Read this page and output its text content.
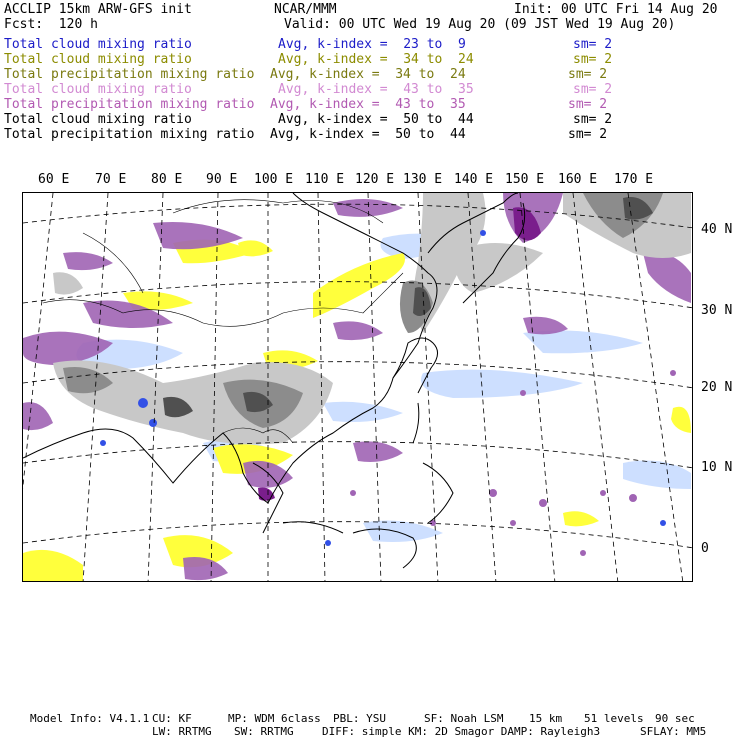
ACCLIP 15km ARW-GFS init	NCAR/MMM	Init: 00 UTC Fri 14 Aug 20
Fcst:  120 h	Valid: 00 UTC Wed 19 Aug 20 (09 JST Wed 19 Aug 20)
Total cloud mixing ratio	Avg, k-index =  23 to  9	sm= 2
Total cloud mixing ratio	Avg, k-index =  34 to  24	sm= 2
Total precipitation mixing ratio Avg, k-index =  34 to  24	sm= 2
Total cloud mixing ratio	Avg, k-index =  43 to  35	sm= 2
Total precipitation mixing ratio Avg, k-index =  43 to  35	sm= 2
Total cloud mixing ratio	Avg, k-index =  50 to  44	sm= 2
Total precipitation mixing ratio Avg, k-index =  50 to  44	sm= 2
60 E 70 E 80 E 90 E 100 E 110 E 120 E 130 E 140 E 150 E 160 E 170 E
40 N
30 N
20 N
10 N
0
Model Info: V4.1.1 CU: KF	MP: WDM 6class PBL: YSU	SF: Noah LSM 15 km 51 levels 90 sec
LW: RRTMG SW: RRTMG	DIFF: simple KM: 2D Smagor DAMP: Rayleigh3	SFLAY: MM5
